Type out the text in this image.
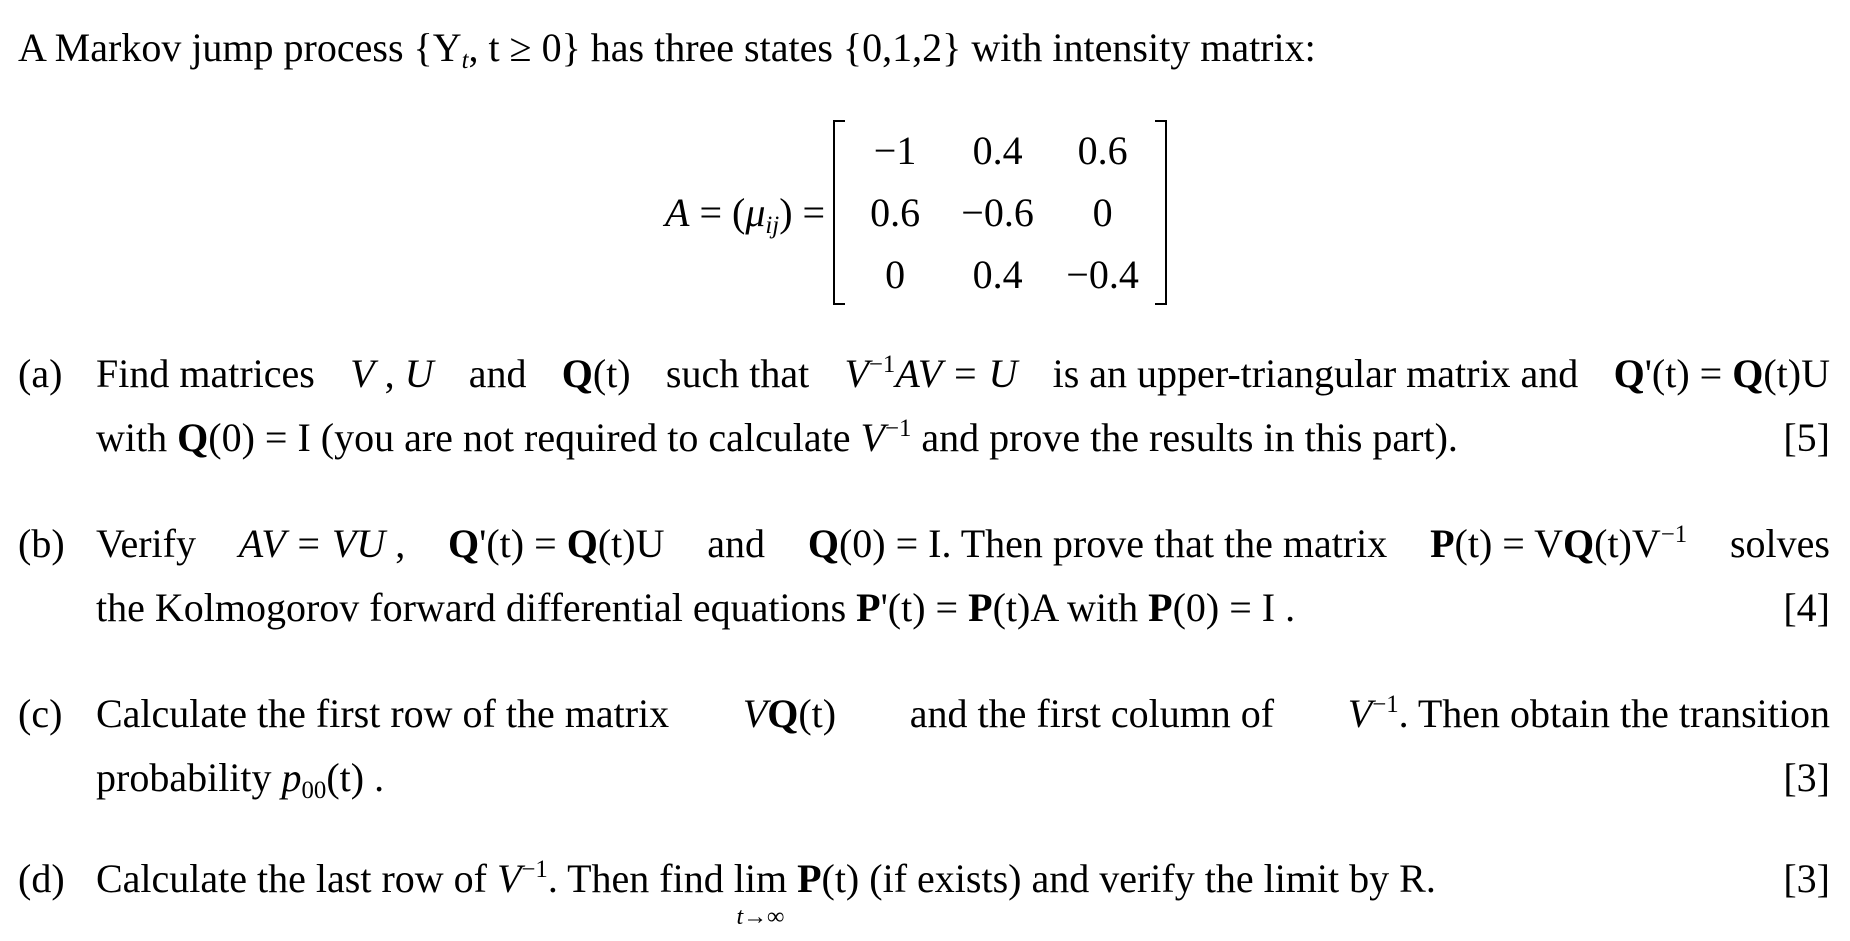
A Markov jump process {$Y_t$, t ≥ 0} has three states {0,1,2} with intensity matrix:
$A = (\mu_{ij})$ =
−1 0.4 0.6
0.6 −0.6 0
0 0.4 −0.4
(a) Find matrices V , U and Q(t) such that $V^{-1}AV = U$ is an upper-triangular matrix and Q'(t) = Q(t)U
with Q(0) = I (you are not required to calculate $V^{-1}$ and prove the results in this part).	[5]
(b) Verify AV = VU , Q'(t) = Q(t)U and Q(0) = I. Then prove that the matrix $P(t) = VQ(t)V^{-1}$ solves
the Kolmogorov forward differential equations P'(t) = P(t)A with P(0) = I .	[4]
(c) Calculate the first row of the matrix VQ(t) and the first column of $V^{-1}$. Then obtain the transition
probability $p_{00}(t)$ .	[3]
(d) Calculate the last row of $V^{-1}$. Then find lim
t→∞
P(t) (if exists) and verify the limit by R.	[3]
